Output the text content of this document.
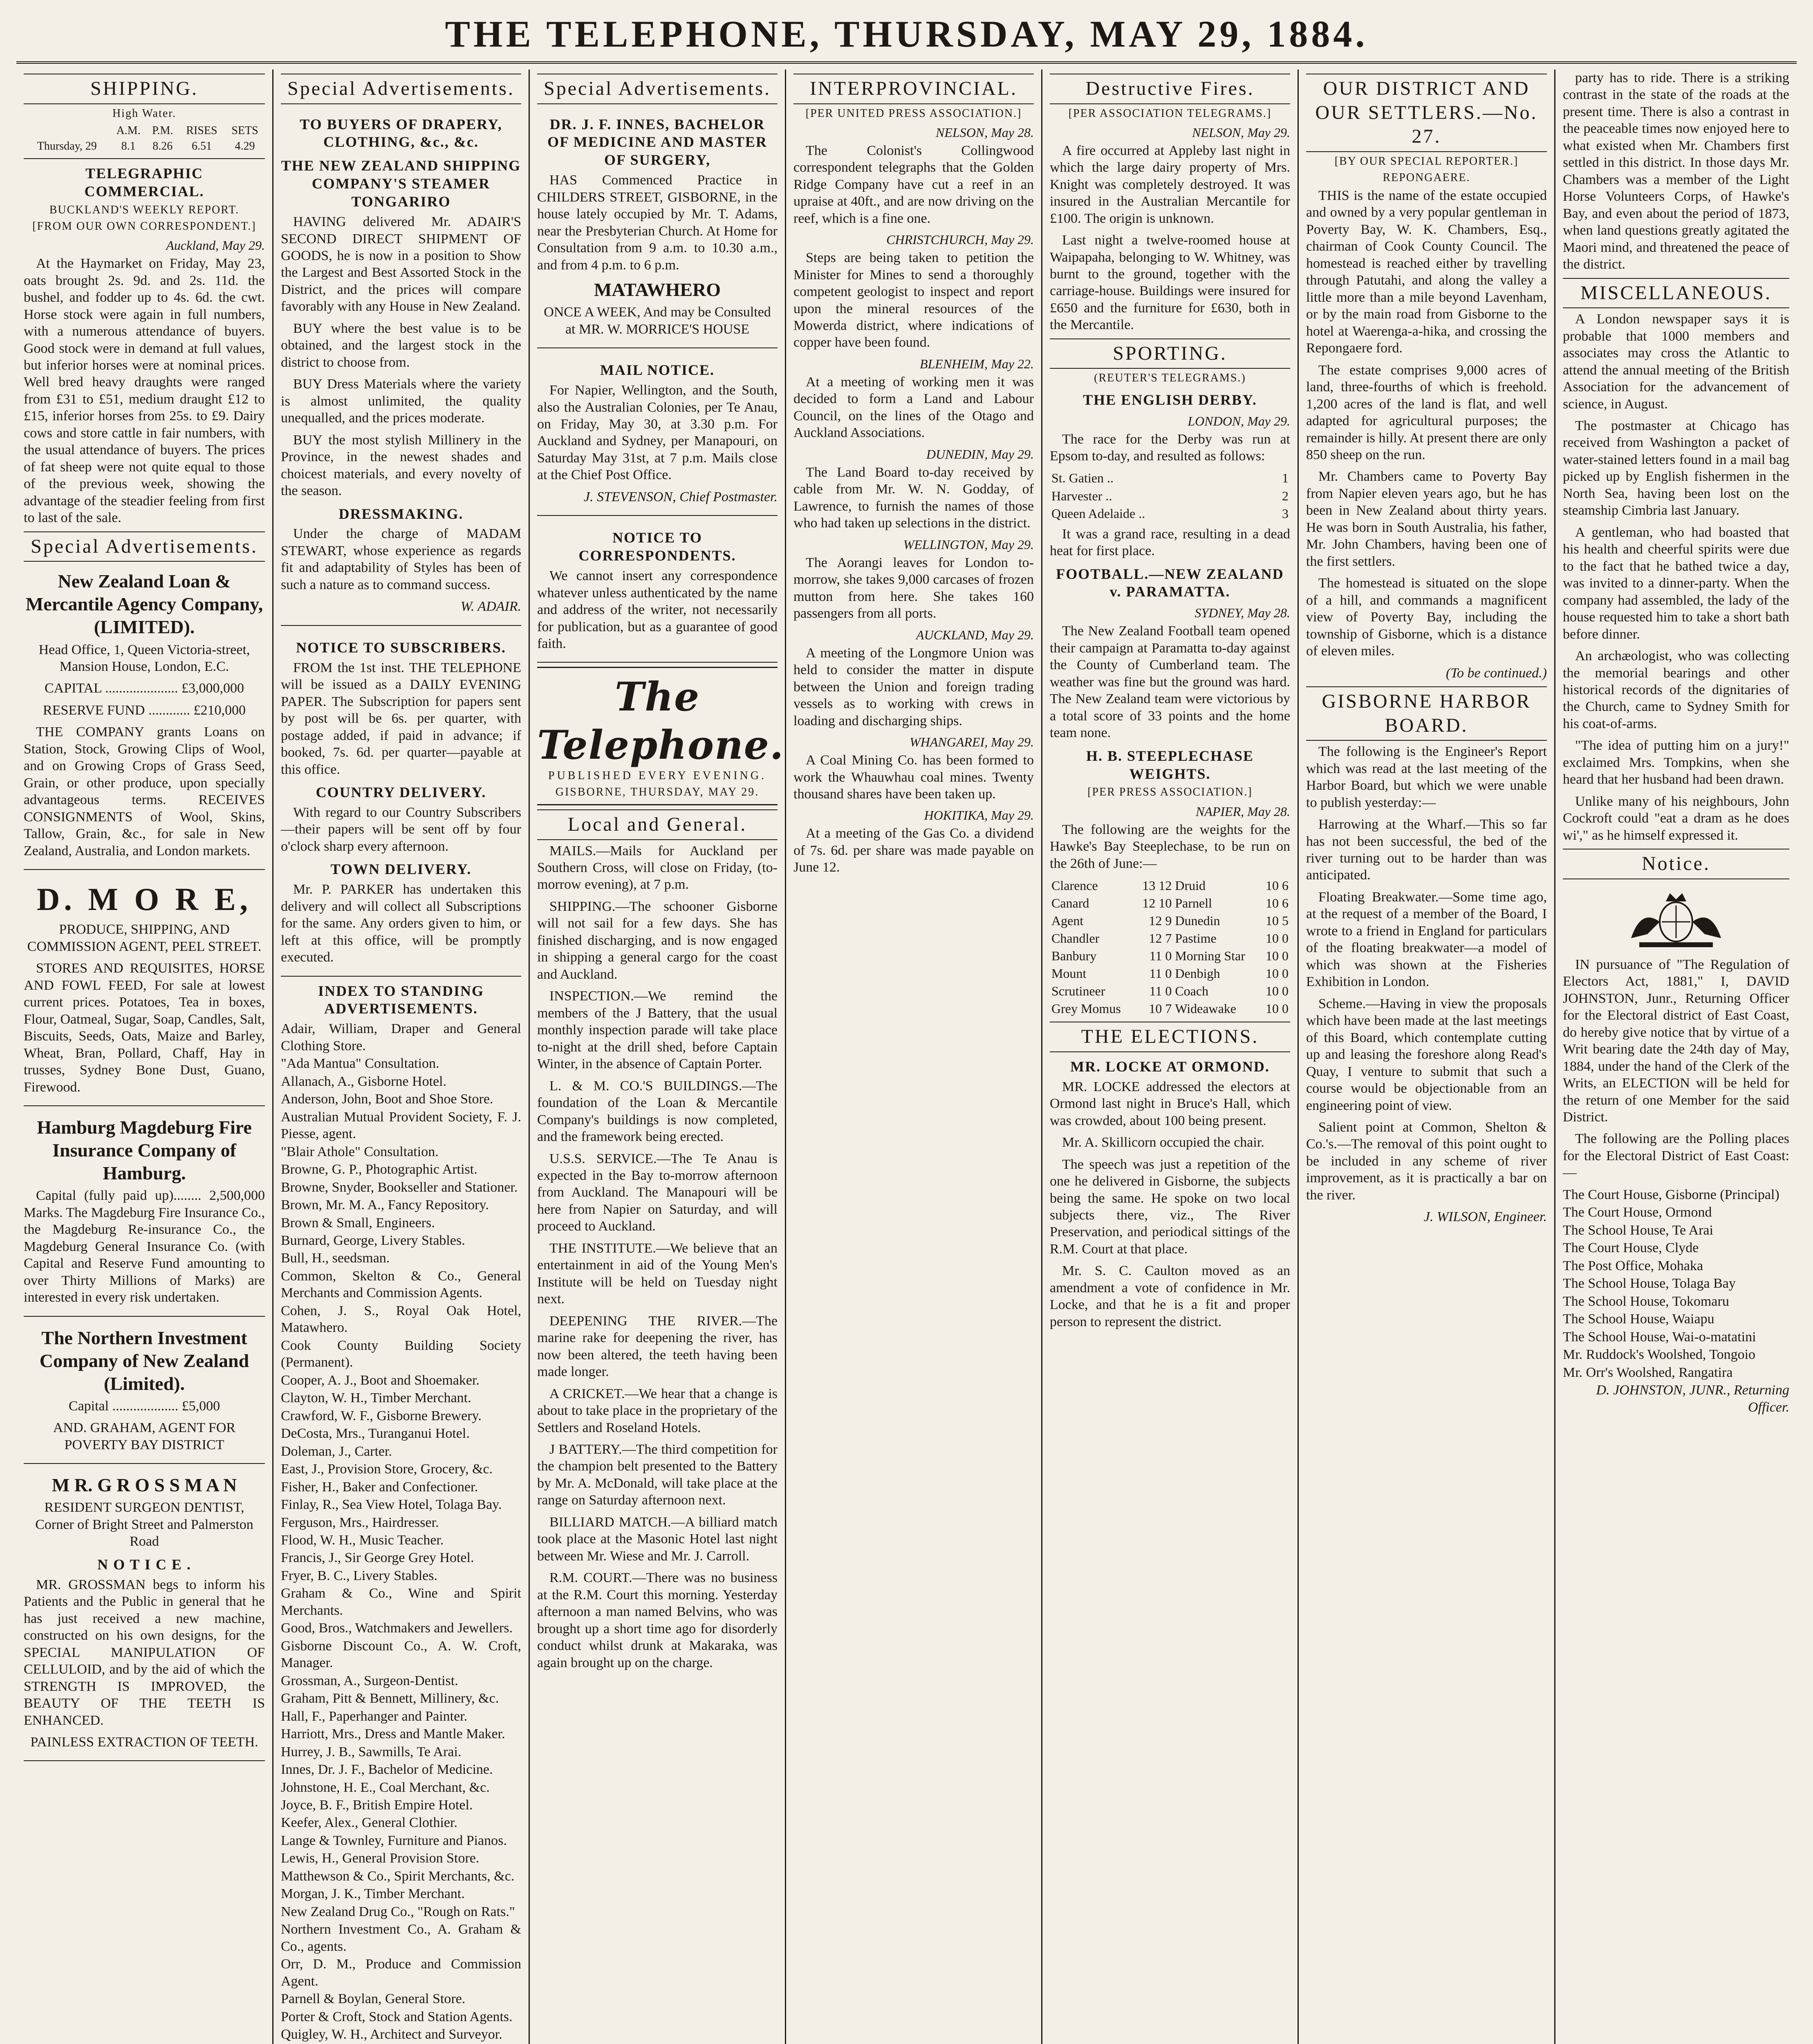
THE TELEPHONE, THURSDAY, MAY 29, 1884.
SHIPPING.
High Water.
	A.M.	P.M.	RISES	SETS
Thursday, 29	8.1	8.26	6.51	4.29
TELEGRAPHIC COMMERCIAL.
BUCKLAND'S WEEKLY REPORT.
[FROM OUR OWN CORRESPONDENT.]
Auckland, May 29.

At the Haymarket on Friday, May 23, oats brought 2s. 9d. and 2s. 11d. the bushel, and fodder up to 4s. 6d. the cwt. Horse stock were again in full numbers, with a numerous attendance of buyers. Good stock were in demand at full values, but inferior horses were at nominal prices. Well bred heavy draughts were ranged from £31 to £51, medium draught £12 to £15, inferior horses from 25s. to £9. Dairy cows and store cattle in fair numbers, with the usual attendance of buyers. The prices of fat sheep were not quite equal to those of the previous week, showing the advantage of the steadier feeling from first to last of the sale.

Special Advertisements.
New Zealand Loan & Mercantile Agency Company, (LIMITED).

Head Office, 1, Queen Victoria-street, Mansion House, London, E.C.

CAPITAL ..................... £3,000,000

RESERVE FUND ............ £210,000

THE COMPANY grants Loans on Station, Stock, Growing Clips of Wool, and on Growing Crops of Grass Seed, Grain, or other produce, upon specially advantageous terms. RECEIVES CONSIGNMENTS of Wool, Skins, Tallow, Grain, &c., for sale in New Zealand, Australia, and London markets.

D. M O R E,

PRODUCE, SHIPPING, AND COMMISSION AGENT, PEEL STREET.

STORES AND REQUISITES, HORSE AND FOWL FEED, For sale at lowest current prices. Potatoes, Tea in boxes, Flour, Oatmeal, Sugar, Soap, Candles, Salt, Biscuits, Seeds, Oats, Maize and Barley, Wheat, Bran, Pollard, Chaff, Hay in trusses, Sydney Bone Dust, Guano, Firewood.

Hamburg Magdeburg Fire Insurance Company of Hamburg.

Capital (fully paid up)........ 2,500,000 Marks. The Magdeburg Fire Insurance Co., the Magdeburg Re-insurance Co., the Magdeburg General Insurance Co. (with Capital and Reserve Fund amounting to over Thirty Millions of Marks) are interested in every risk undertaken.

The Northern Investment Company of New Zealand (Limited).

Capital ................... £5,000

AND. GRAHAM, AGENT FOR POVERTY BAY DISTRICT

M R. G R O S S M A N

RESIDENT SURGEON DENTIST, Corner of Bright Street and Palmerston Road

N O T I C E .

MR. GROSSMAN begs to inform his Patients and the Public in general that he has just received a new machine, constructed on his own designs, for the SPECIAL MANIPULATION OF CELLULOID, and by the aid of which the STRENGTH IS IMPROVED, the BEAUTY OF THE TEETH IS ENHANCED.

PAINLESS EXTRACTION OF TEETH.

Special Advertisements.
TO BUYERS OF DRAPERY, CLOTHING, &c., &c.
THE NEW ZEALAND SHIPPING COMPANY'S STEAMER TONGARIRO

HAVING delivered Mr. ADAIR'S SECOND DIRECT SHIPMENT OF GOODS, he is now in a position to Show the Largest and Best Assorted Stock in the District, and the prices will compare favorably with any House in New Zealand.

BUY where the best value is to be obtained, and the largest stock in the district to choose from.

BUY Dress Materials where the variety is almost unlimited, the quality unequalled, and the prices moderate.

BUY the most stylish Millinery in the Province, in the newest shades and choicest materials, and every novelty of the season.

DRESSMAKING.

Under the charge of MADAM STEWART, whose experience as regards fit and adaptability of Styles has been of such a nature as to command success.

W. ADAIR.

NOTICE TO SUBSCRIBERS.

FROM the 1st inst. THE TELEPHONE will be issued as a DAILY EVENING PAPER. The Subscription for papers sent by post will be 6s. per quarter, with postage added, if paid in advance; if booked, 7s. 6d. per quarter—payable at this office.

COUNTRY DELIVERY.

With regard to our Country Subscribers—their papers will be sent off by four o'clock sharp every afternoon.

TOWN DELIVERY.

Mr. P. PARKER has undertaken this delivery and will collect all Subscriptions for the same. Any orders given to him, or left at this office, will be promptly executed.

INDEX TO STANDING ADVERTISEMENTS.

Adair, William, Draper and General Clothing Store.

"Ada Mantua" Consultation.

Allanach, A., Gisborne Hotel.

Anderson, John, Boot and Shoe Store.

Australian Mutual Provident Society, F. J. Piesse, agent.

"Blair Athole" Consultation.

Browne, G. P., Photographic Artist.

Browne, Snyder, Bookseller and Stationer.

Brown, Mr. M. A., Fancy Repository.

Brown & Small, Engineers.

Burnard, George, Livery Stables.

Bull, H., seedsman.

Common, Skelton & Co., General Merchants and Commission Agents.

Cohen, J. S., Royal Oak Hotel, Matawhero.

Cook County Building Society (Permanent).

Cooper, A. J., Boot and Shoemaker.

Clayton, W. H., Timber Merchant.

Crawford, W. F., Gisborne Brewery.

DeCosta, Mrs., Turanganui Hotel.

Doleman, J., Carter.

East, J., Provision Store, Grocery, &c.

Fisher, H., Baker and Confectioner.

Finlay, R., Sea View Hotel, Tolaga Bay.

Ferguson, Mrs., Hairdresser.

Flood, W. H., Music Teacher.

Francis, J., Sir George Grey Hotel.

Fryer, B. C., Livery Stables.

Graham & Co., Wine and Spirit Merchants.

Good, Bros., Watchmakers and Jewellers.

Gisborne Discount Co., A. W. Croft, Manager.

Grossman, A., Surgeon-Dentist.

Graham, Pitt & Bennett, Millinery, &c.

Hall, F., Paperhanger and Painter.

Harriott, Mrs., Dress and Mantle Maker.

Hurrey, J. B., Sawmills, Te Arai.

Innes, Dr. J. F., Bachelor of Medicine.

Johnstone, H. E., Coal Merchant, &c.

Joyce, B. F., British Empire Hotel.

Keefer, Alex., General Clothier.

Lange & Townley, Furniture and Pianos.

Lewis, H., General Provision Store.

Matthewson & Co., Spirit Merchants, &c.

Morgan, J. K., Timber Merchant.

New Zealand Drug Co., "Rough on Rats."

Northern Investment Co., A. Graham & Co., agents.

Orr, D. M., Produce and Commission Agent.

Parnell & Boylan, General Store.

Porter & Croft, Stock and Station Agents.

Quigley, W. H., Architect and Surveyor.

Special Advertisements.
DR. J. F. INNES, BACHELOR OF MEDICINE AND MASTER OF SURGERY,

HAS Commenced Practice in CHILDERS STREET, GISBORNE, in the house lately occupied by Mr. T. Adams, near the Presbyterian Church. At Home for Consultation from 9 a.m. to 10.30 a.m., and from 4 p.m. to 6 p.m.

MATAWHERO

ONCE A WEEK, And may be Consulted at MR. W. MORRICE'S HOUSE

MAIL NOTICE.

For Napier, Wellington, and the South, also the Australian Colonies, per Te Anau, on Friday, May 30, at 3.30 p.m. For Auckland and Sydney, per Manapouri, on Saturday May 31st, at 7 p.m. Mails close at the Chief Post Office.

J. STEVENSON, Chief Postmaster.

NOTICE TO CORRESPONDENTS.

We cannot insert any correspondence whatever unless authenticated by the name and address of the writer, not necessarily for publication, but as a guarantee of good faith.

The Telephone.
PUBLISHED EVERY EVENING.
GISBORNE, THURSDAY, MAY 29.
Local and General.

MAILS.—Mails for Auckland per Southern Cross, will close on Friday, (to-morrow evening), at 7 p.m.

SHIPPING.—The schooner Gisborne will not sail for a few days. She has finished discharging, and is now engaged in shipping a general cargo for the coast and Auckland.

INSPECTION.—We remind the members of the J Battery, that the usual monthly inspection parade will take place to-night at the drill shed, before Captain Winter, in the absence of Captain Porter.

L. & M. CO.'S BUILDINGS.—The foundation of the Loan & Mercantile Company's buildings is now completed, and the framework being erected.

U.S.S. SERVICE.—The Te Anau is expected in the Bay to-morrow afternoon from Auckland. The Manapouri will be here from Napier on Saturday, and will proceed to Auckland.

THE INSTITUTE.—We believe that an entertainment in aid of the Young Men's Institute will be held on Tuesday night next.

DEEPENING THE RIVER.—The marine rake for deepening the river, has now been altered, the teeth having been made longer.

A CRICKET.—We hear that a change is about to take place in the proprietary of the Settlers and Roseland Hotels.

J BATTERY.—The third competition for the champion belt presented to the Battery by Mr. A. McDonald, will take place at the range on Saturday afternoon next.

BILLIARD MATCH.—A billiard match took place at the Masonic Hotel last night between Mr. Wiese and Mr. J. Carroll.

R.M. COURT.—There was no business at the R.M. Court this morning. Yesterday afternoon a man named Belvins, who was brought up a short time ago for disorderly conduct whilst drunk at Makaraka, was again brought up on the charge.

INTERPROVINCIAL.
[PER UNITED PRESS ASSOCIATION.]
NELSON, May 28.

The Colonist's Collingwood correspondent telegraphs that the Golden Ridge Company have cut a reef in an upraise at 40ft., and are now driving on the reef, which is a fine one.

CHRISTCHURCH, May 29.

Steps are being taken to petition the Minister for Mines to send a thoroughly competent geologist to inspect and report upon the mineral resources of the Mowerda district, where indications of copper have been found.

BLENHEIM, May 22.

At a meeting of working men it was decided to form a Land and Labour Council, on the lines of the Otago and Auckland Associations.

DUNEDIN, May 29.

The Land Board to-day received by cable from Mr. W. N. Godday, of Lawrence, to furnish the names of those who had taken up selections in the district.

WELLINGTON, May 29.

The Aorangi leaves for London to-morrow, she takes 9,000 carcases of frozen mutton from here. She takes 160 passengers from all ports.

AUCKLAND, May 29.

A meeting of the Longmore Union was held to consider the matter in dispute between the Union and foreign trading vessels as to working with crews in loading and discharging ships.

WHANGAREI, May 29.

A Coal Mining Co. has been formed to work the Whauwhau coal mines. Twenty thousand shares have been taken up.

HOKITIKA, May 29.

At a meeting of the Gas Co. a dividend of 7s. 6d. per share was made payable on June 12.

Destructive Fires.
[PER ASSOCIATION TELEGRAMS.]
NELSON, May 29.

A fire occurred at Appleby last night in which the large dairy property of Mrs. Knight was completely destroyed. It was insured in the Australian Mercantile for £100. The origin is unknown.

Last night a twelve-roomed house at Waipapaha, belonging to W. Whitney, was burnt to the ground, together with the carriage-house. Buildings were insured for £650 and the furniture for £630, both in the Mercantile.

SPORTING.
(REUTER'S TELEGRAMS.)
THE ENGLISH DERBY.
LONDON, May 29.

The race for the Derby was run at Epsom to-day, and resulted as follows:

St. Gatien ..	1
Harvester ..	2
Queen Adelaide ..	3

It was a grand race, resulting in a dead heat for first place.

FOOTBALL.—NEW ZEALAND v. PARAMATTA.
SYDNEY, May 28.

The New Zealand Football team opened their campaign at Paramatta to-day against the County of Cumberland team. The weather was fine but the ground was hard. The New Zealand team were victorious by a total score of 33 points and the home team none.

H. B. STEEPLECHASE WEIGHTS.
[PER PRESS ASSOCIATION.]
NAPIER, May 28.

The following are the weights for the Hawke's Bay Steeplechase, to be run on the 26th of June:—

Clarence	13 12	Druid	10 6
Canard	12 10	Parnell	10 6
Agent	12 9	Dunedin	10 5
Chandler	12 7	Pastime	10 0
Banbury	11 0	Morning Star	10 0
Mount	11 0	Denbigh	10 0
Scrutineer	11 0	Coach	10 0
Grey Momus	10 7	Wideawake	10 0
THE ELECTIONS.
MR. LOCKE AT ORMOND.

MR. LOCKE addressed the electors at Ormond last night in Bruce's Hall, which was crowded, about 100 being present.

Mr. A. Skillicorn occupied the chair.

The speech was just a repetition of the one he delivered in Gisborne, the subjects being the same. He spoke on two local subjects there, viz., The River Preservation, and periodical sittings of the R.M. Court at that place.

Mr. S. C. Caulton moved as an amendment a vote of confidence in Mr. Locke, and that he is a fit and proper person to represent the district.

OUR DISTRICT AND OUR SETTLERS.—No. 27.
[BY OUR SPECIAL REPORTER.]
REPONGAERE.

THIS is the name of the estate occupied and owned by a very popular gentleman in Poverty Bay, W. K. Chambers, Esq., chairman of Cook County Council. The homestead is reached either by travelling through Patutahi, and along the valley a little more than a mile beyond Lavenham, or by the main road from Gisborne to the hotel at Waerenga-a-hika, and crossing the Repongaere ford.

The estate comprises 9,000 acres of land, three-fourths of which is freehold. 1,200 acres of the land is flat, and well adapted for agricultural purposes; the remainder is hilly. At present there are only 850 sheep on the run.

Mr. Chambers came to Poverty Bay from Napier eleven years ago, but he has been in New Zealand about thirty years. He was born in South Australia, his father, Mr. John Chambers, having been one of the first settlers.

The homestead is situated on the slope of a hill, and commands a magnificent view of Poverty Bay, including the township of Gisborne, which is a distance of eleven miles.

(To be continued.)

GISBORNE HARBOR BOARD.

The following is the Engineer's Report which was read at the last meeting of the Harbor Board, but which we were unable to publish yesterday:—

Harrowing at the Wharf.—This so far has not been successful, the bed of the river turning out to be harder than was anticipated.

Floating Breakwater.—Some time ago, at the request of a member of the Board, I wrote to a friend in England for particulars of the floating breakwater—a model of which was shown at the Fisheries Exhibition in London.

Scheme.—Having in view the proposals which have been made at the last meetings of this Board, which contemplate cutting up and leasing the foreshore along Read's Quay, I venture to submit that such a course would be objectionable from an engineering point of view.

Salient point at Common, Shelton & Co.'s.—The removal of this point ought to be included in any scheme of river improvement, as it is practically a bar on the river.

J. WILSON, Engineer.

party has to ride. There is a striking contrast in the state of the roads at the present time. There is also a contrast in the peaceable times now enjoyed here to what existed when Mr. Chambers first settled in this district. In those days Mr. Chambers was a member of the Light Horse Volunteers Corps, of Hawke's Bay, and even about the period of 1873, when land questions greatly agitated the Maori mind, and threatened the peace of the district.

MISCELLANEOUS.

A London newspaper says it is probable that 1000 members and associates may cross the Atlantic to attend the annual meeting of the British Association for the advancement of science, in August.

The postmaster at Chicago has received from Washington a packet of water-stained letters found in a mail bag picked up by English fishermen in the North Sea, having been lost on the steamship Cimbria last January.

A gentleman, who had boasted that his health and cheerful spirits were due to the fact that he bathed twice a day, was invited to a dinner-party. When the company had assembled, the lady of the house requested him to take a short bath before dinner.

An archæologist, who was collecting the memorial bearings and other historical records of the dignitaries of the Church, came to Sydney Smith for his coat-of-arms.

"The idea of putting him on a jury!" exclaimed Mrs. Tompkins, when she heard that her husband had been drawn.

Unlike many of his neighbours, John Cockroft could "eat a dram as he does wi'," as he himself expressed it.

Notice.

IN pursuance of "The Regulation of Electors Act, 1881," I, DAVID JOHNSTON, Junr., Returning Officer for the Electoral district of East Coast, do hereby give notice that by virtue of a Writ bearing date the 24th day of May, 1884, under the hand of the Clerk of the Writs, an ELECTION will be held for the return of one Member for the said District.

The following are the Polling places for the Electoral District of East Coast:—

The Court House, Gisborne (Principal)

The Court House, Ormond

The School House, Te Arai

The Court House, Clyde

The Post Office, Mohaka

The School House, Tolaga Bay

The School House, Tokomaru

The School House, Waiapu

The School House, Wai-o-matatini

Mr. Ruddock's Woolshed, Tongoio

Mr. Orr's Woolshed, Rangatira

D. JOHNSTON, JUNR., Returning Officer.
